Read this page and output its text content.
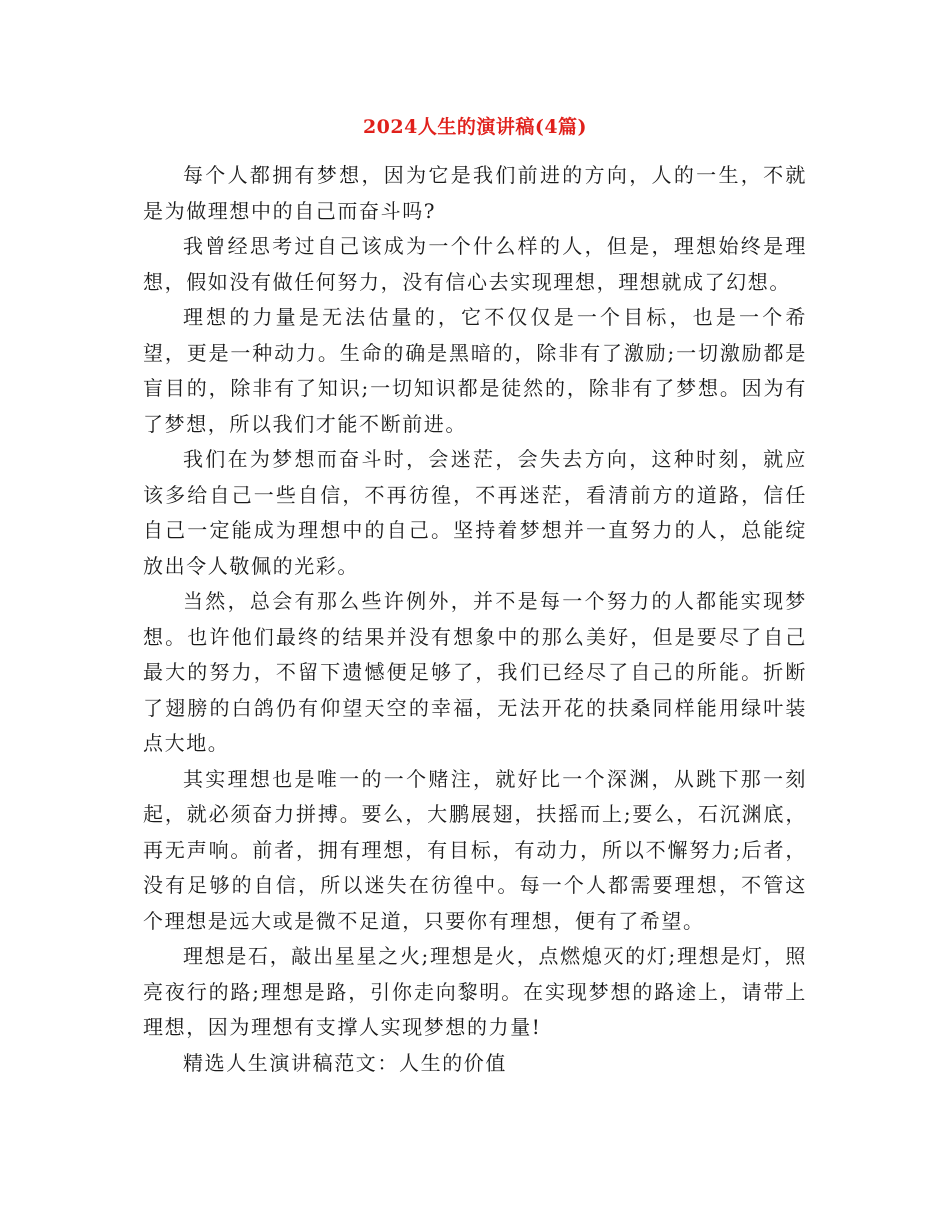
2024人生的演讲稿(4篇)

每个人都拥有梦想，因为它是我们前进的方向，人的一生，不就是为做理想中的自己而奋斗吗?

我曾经思考过自己该成为一个什么样的人，但是，理想始终是理想，假如没有做任何努力，没有信心去实现理想，理想就成了幻想。

理想的力量是无法估量的，它不仅仅是一个目标，也是一个希望，更是一种动力。生命的确是黑暗的，除非有了激励;一切激励都是盲目的，除非有了知识;一切知识都是徒然的，除非有了梦想。因为有了梦想，所以我们才能不断前进。

我们在为梦想而奋斗时，会迷茫，会失去方向，这种时刻，就应该多给自己一些自信，不再彷徨，不再迷茫，看清前方的道路，信任自己一定能成为理想中的自己。坚持着梦想并一直努力的人，总能绽放出令人敬佩的光彩。

当然，总会有那么些许例外，并不是每一个努力的人都能实现梦想。也许他们最终的结果并没有想象中的那么美好，但是要尽了自己最大的努力，不留下遗憾便足够了，我们已经尽了自己的所能。折断了翅膀的白鸽仍有仰望天空的幸福，无法开花的扶桑同样能用绿叶装点大地。

其实理想也是唯一的一个赌注，就好比一个深渊，从跳下那一刻起，就必须奋力拼搏。要么，大鹏展翅，扶摇而上;要么，石沉渊底，再无声响。前者，拥有理想，有目标，有动力，所以不懈努力;后者，没有足够的自信，所以迷失在彷徨中。每一个人都需要理想，不管这个理想是远大或是微不足道，只要你有理想，便有了希望。

理想是石，敲出星星之火;理想是火，点燃熄灭的灯;理想是灯，照亮夜行的路;理想是路，引你走向黎明。在实现梦想的路途上，请带上理想，因为理想有支撑人实现梦想的力量!

精选人生演讲稿范文：人生的价值
